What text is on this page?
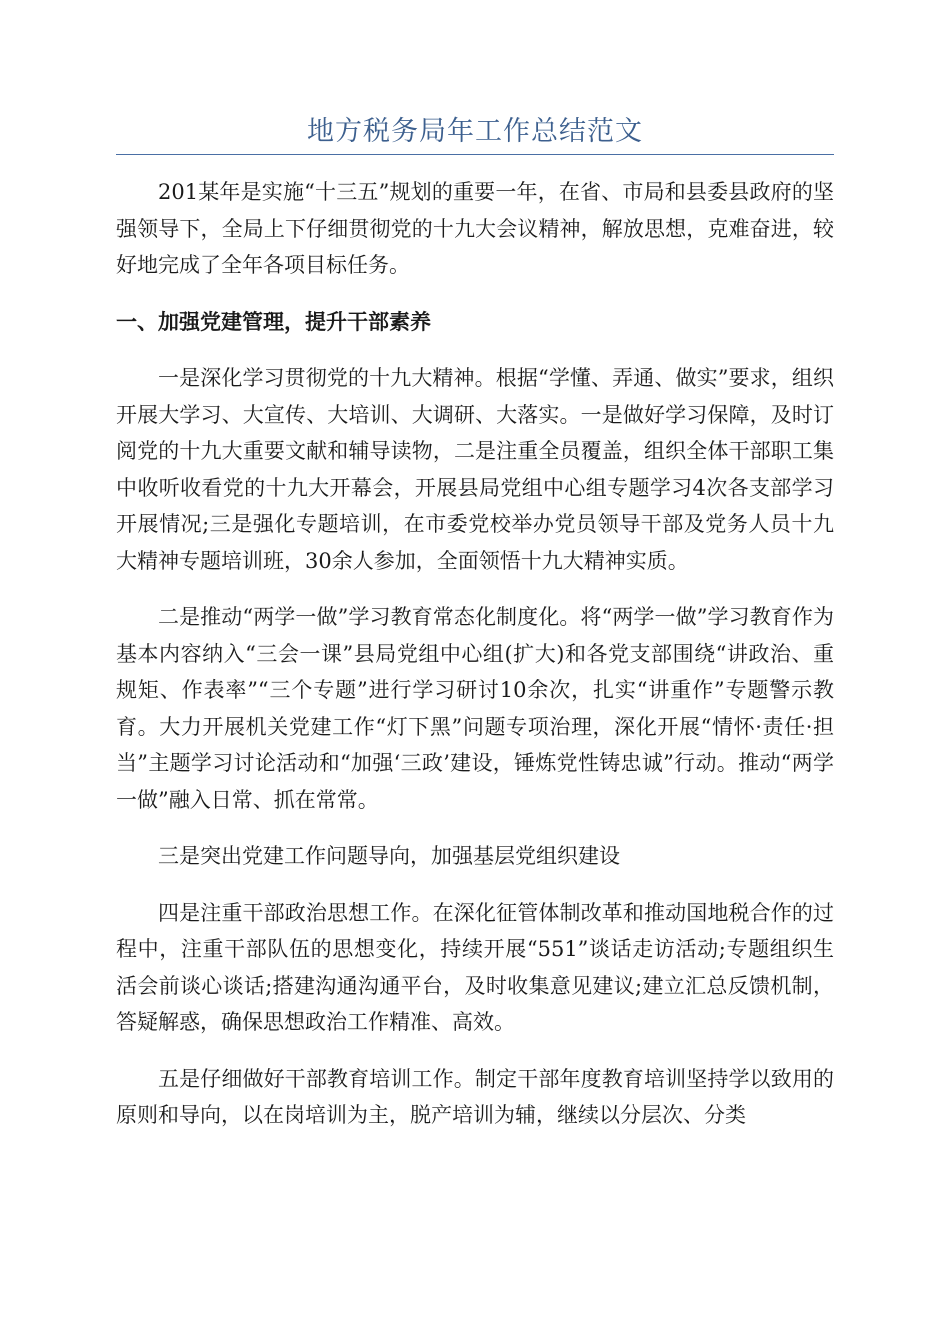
地方税务局年工作总结范文

201某年是实施“十三五”规划的重要一年，在省、市局和县委县政府的坚强领导下，全局上下仔细贯彻党的十九大会议精神，解放思想，克难奋进，较好地完成了全年各项目标任务。

一、加强党建管理，提升干部素养

一是深化学习贯彻党的十九大精神。根据“学懂、弄通、做实”要求，组织开展大学习、大宣传、大培训、大调研、大落实。一是做好学习保障，及时订阅党的十九大重要文献和辅导读物，二是注重全员覆盖，组织全体干部职工集中收听收看党的十九大开幕会，开展县局党组中心组专题学习4次各支部学习开展情况;三是强化专题培训，在市委党校举办党员领导干部及党务人员十九大精神专题培训班，30余人参加，全面领悟十九大精神实质。

二是推动“两学一做”学习教育常态化制度化。将“两学一做”学习教育作为基本内容纳入“三会一课”县局党组中心组(扩大)和各党支部围绕“讲政治、重规矩、作表率”“三个专题”进行学习研讨10余次，扎实“讲重作”专题警示教育。大力开展机关党建工作“灯下黑”问题专项治理，深化开展“情怀·责任·担当”主题学习讨论活动和“加强‘三政’建设，锤炼党性铸忠诚”行动。推动“两学一做”融入日常、抓在常常。

三是突出党建工作问题导向，加强基层党组织建设

四是注重干部政治思想工作。在深化征管体制改革和推动国地税合作的过程中，注重干部队伍的思想变化，持续开展“551”谈话走访活动;专题组织生活会前谈心谈话;搭建沟通沟通平台，及时收集意见建议;建立汇总反馈机制，答疑解惑，确保思想政治工作精准、高效。

五是仔细做好干部教育培训工作。制定干部年度教育培训坚持学以致用的原则和导向，以在岗培训为主，脱产培训为辅，继续以分层次、分类
